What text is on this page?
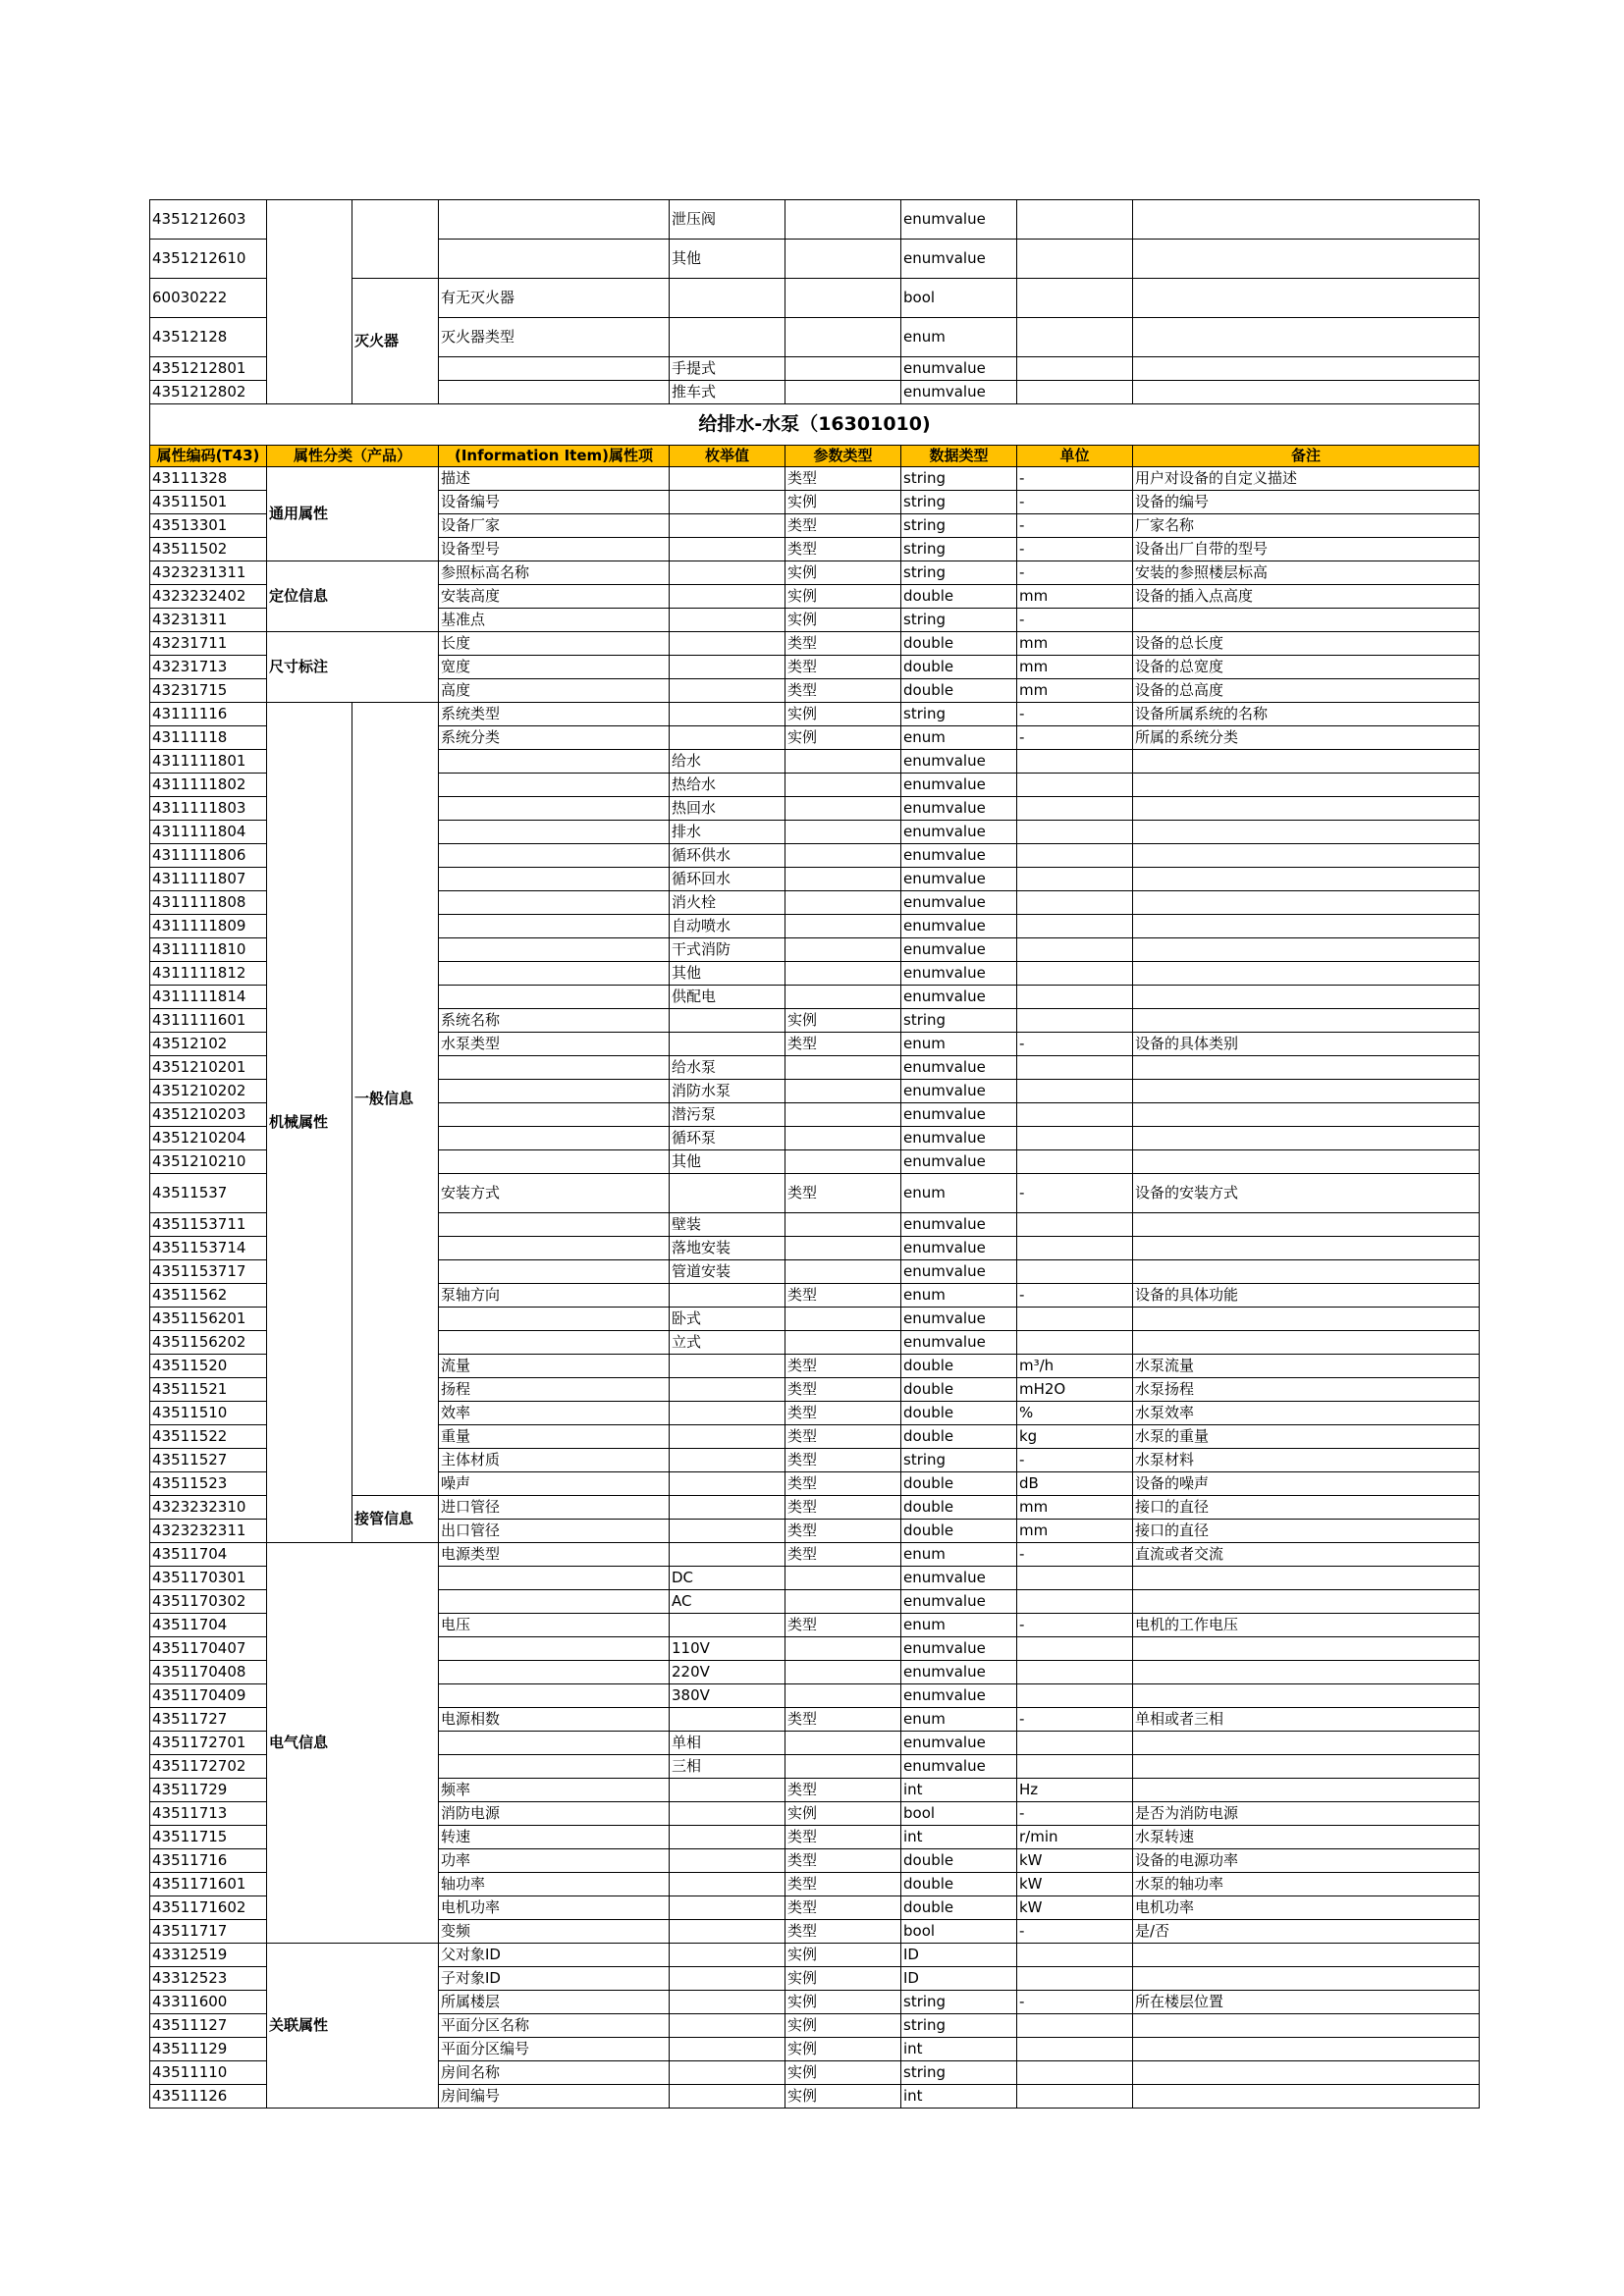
4351212603				泄压阀		enumvalue		
4351212610				其他		enumvalue		
60030222		灭火器	有无灭火器			bool		
43512128			灭火器类型			enum		
4351212801				手提式		enumvalue		
4351212802				推车式		enumvalue		
给排水-水泵（16301010)								
属性编码(T43)	属性分类（产品）		(Information Item)属性项	枚举值	参数类型	数据类型	单位	备注
43111328	通用属性		描述		类型	string	-	用户对设备的自定义描述
43511501			设备编号		实例	string	-	设备的编号
43513301			设备厂家		类型	string	-	厂家名称
43511502			设备型号		类型	string	-	设备出厂自带的型号
4323231311	定位信息		参照标高名称		实例	string	-	安装的参照楼层标高
4323232402			安装高度		实例	double	mm	设备的插入点高度
43231311			基准点		实例	string	-	
43231711	尺寸标注		长度		类型	double	mm	设备的总长度
43231713			宽度		类型	double	mm	设备的总宽度
43231715			高度		类型	double	mm	设备的总高度
43111116	机械属性	一般信息	系统类型		实例	string	-	设备所属系统的名称
43111118			系统分类		实例	enum	-	所属的系统分类
4311111801				给水		enumvalue		
4311111802				热给水		enumvalue		
4311111803				热回水		enumvalue		
4311111804				排水		enumvalue		
4311111806				循环供水		enumvalue		
4311111807				循环回水		enumvalue		
4311111808				消火栓		enumvalue		
4311111809				自动喷水		enumvalue		
4311111810				干式消防		enumvalue		
4311111812				其他		enumvalue		
4311111814				供配电		enumvalue		
4311111601			系统名称		实例	string		
43512102			水泵类型		类型	enum	-	设备的具体类别
4351210201				给水泵		enumvalue		
4351210202				消防水泵		enumvalue		
4351210203				潜污泵		enumvalue		
4351210204				循环泵		enumvalue		
4351210210				其他		enumvalue		
43511537			安装方式		类型	enum	-	设备的安装方式
4351153711				壁装		enumvalue		
4351153714				落地安装		enumvalue		
4351153717				管道安装		enumvalue		
43511562			泵轴方向		类型	enum	-	设备的具体功能
4351156201				卧式		enumvalue		
4351156202				立式		enumvalue		
43511520			流量		类型	double	m³/h	水泵流量
43511521			扬程		类型	double	mH2O	水泵扬程
43511510			效率		类型	double	%	水泵效率
43511522			重量		类型	double	kg	水泵的重量
43511527			主体材质		类型	string	-	水泵材料
43511523			噪声		类型	double	dB	设备的噪声
4323232310		接管信息	进口管径		类型	double	mm	接口的直径
4323232311			出口管径		类型	double	mm	接口的直径
43511704	电气信息		电源类型		类型	enum	-	直流或者交流
4351170301				DC		enumvalue		
4351170302				AC		enumvalue		
43511704			电压		类型	enum	-	电机的工作电压
4351170407				110V		enumvalue		
4351170408				220V		enumvalue		
4351170409				380V		enumvalue		
43511727			电源相数		类型	enum	-	单相或者三相
4351172701				单相		enumvalue		
4351172702				三相		enumvalue		
43511729			频率		类型	int	Hz	
43511713			消防电源		实例	bool	-	是否为消防电源
43511715			转速		类型	int	r/min	水泵转速
43511716			功率		类型	double	kW	设备的电源功率
4351171601			轴功率		类型	double	kW	水泵的轴功率
4351171602			电机功率		类型	double	kW	电机功率
43511717			变频		类型	bool	-	是/否
43312519	关联属性		父对象ID		实例	ID		
43312523			子对象ID		实例	ID		
43311600			所属楼层		实例	string	-	所在楼层位置
43511127			平面分区名称		实例	string		
43511129			平面分区编号		实例	int		
43511110			房间名称		实例	string		
43511126			房间编号		实例	int		
